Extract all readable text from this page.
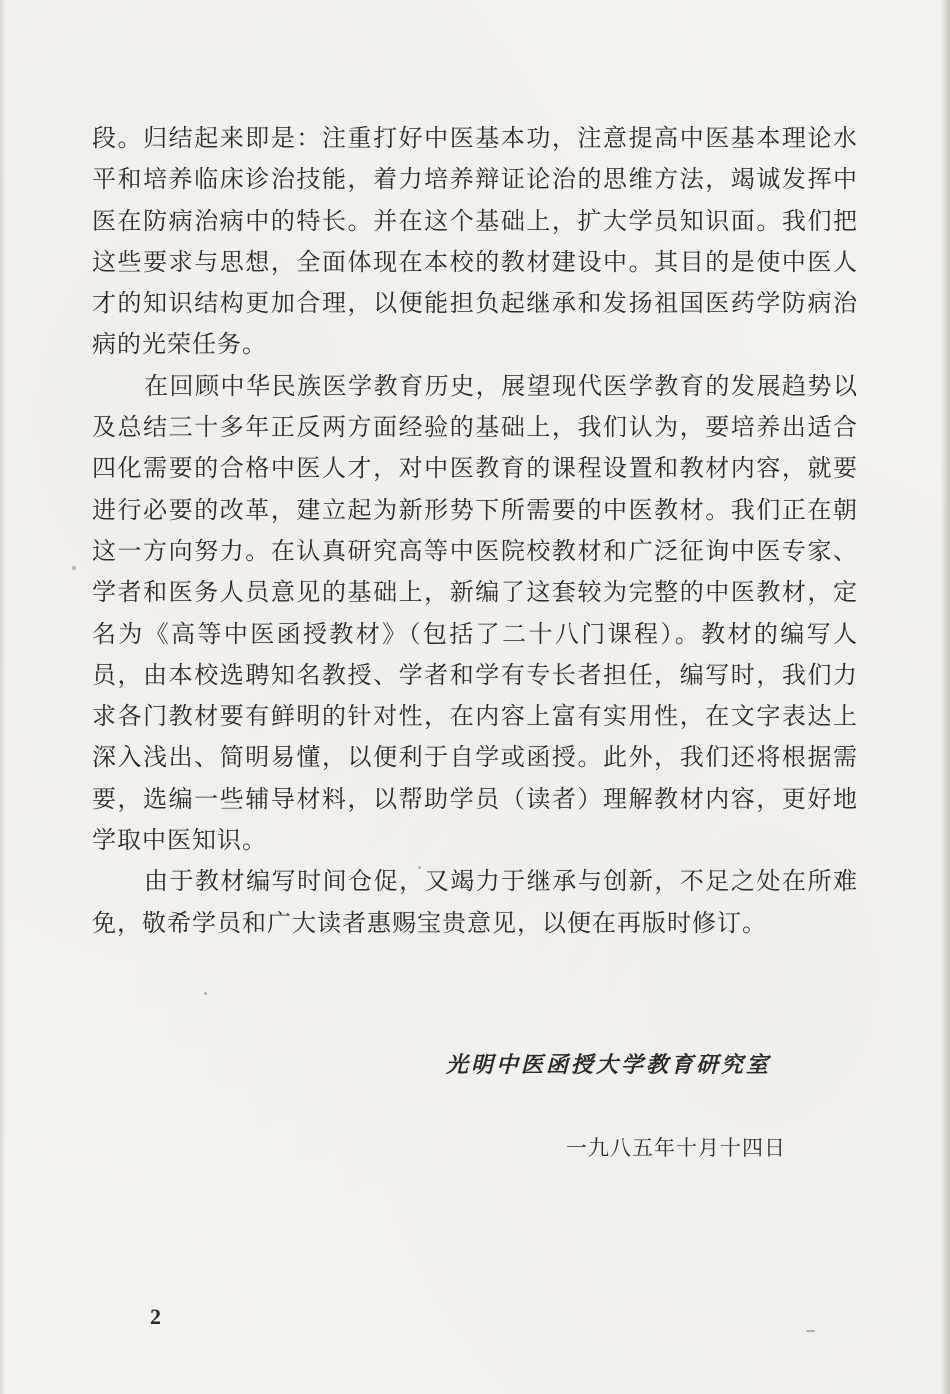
段。归结起来即是：注重打好中医基本功，注意提高中医基本理论水平和培养临床诊治技能，着力培养辩证论治的思维方法，竭诚发挥中医在防病治病中的特长。并在这个基础上，扩大学员知识面。我们把这些要求与思想，全面体现在本校的教材建设中。其目的是使中医人才的知识结构更加合理，以便能担负起继承和发扬祖国医药学防病治病的光荣任务。

在回顾中华民族医学教育历史，展望现代医学教育的发展趋势以及总结三十多年正反两方面经验的基础上，我们认为，要培养出适合四化需要的合格中医人才，对中医教育的课程设置和教材内容，就要进行必要的改革，建立起为新形势下所需要的中医教材。我们正在朝这一方向努力。在认真研究高等中医院校教材和广泛征询中医专家、学者和医务人员意见的基础上，新编了这套较为完整的中医教材，定名为《高等中医函授教材》（包括了二十八门课程）。教材的编写人员，由本校选聘知名教授、学者和学有专长者担任，编写时，我们力求各门教材要有鲜明的针对性，在内容上富有实用性，在文字表达上深入浅出、简明易懂，以便利于自学或函授。此外，我们还将根据需要，选编一些辅导材料，以帮助学员（读者）理解教材内容，更好地学取中医知识。

由于教材编写时间仓促，又竭力于继承与创新，不足之处在所难免，敬希学员和广大读者惠赐宝贵意见，以便在再版时修订。

光明中医函授大学教育研究室
一九八五年十月十四日
2
